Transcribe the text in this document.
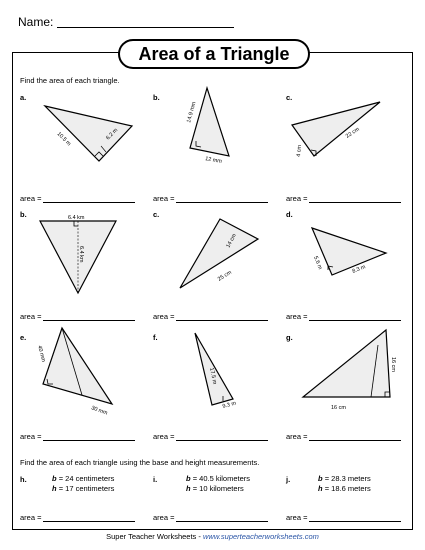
Name:
Area of a Triangle
Find the area of each triangle.
a.	b.	c.
b.	c.	d.
e.	f.	g.
10.5 m	6.2 m
14.9 mm
12 mm
4 cm
22 cm
6.4 km
6.4 km
14 cm
25 cm
5.6 m	8.3 m
40 mm
30 mm
17.5 m
9.3 m
16 cm
16 cm
area =	area =	area =
area =	area =	area =
area =	area =	area =
Find the area of each triangle using the base and height measurements.
h.	b = 24 centimeters
h = 17 centimeters
i.	b = 40.5 kilometers
h = 10 kilometers
j.	b = 28.3 meters
h = 18.6 meters
area =	area =	area =
Super Teacher Worksheets - www.superteacherworksheets.com
